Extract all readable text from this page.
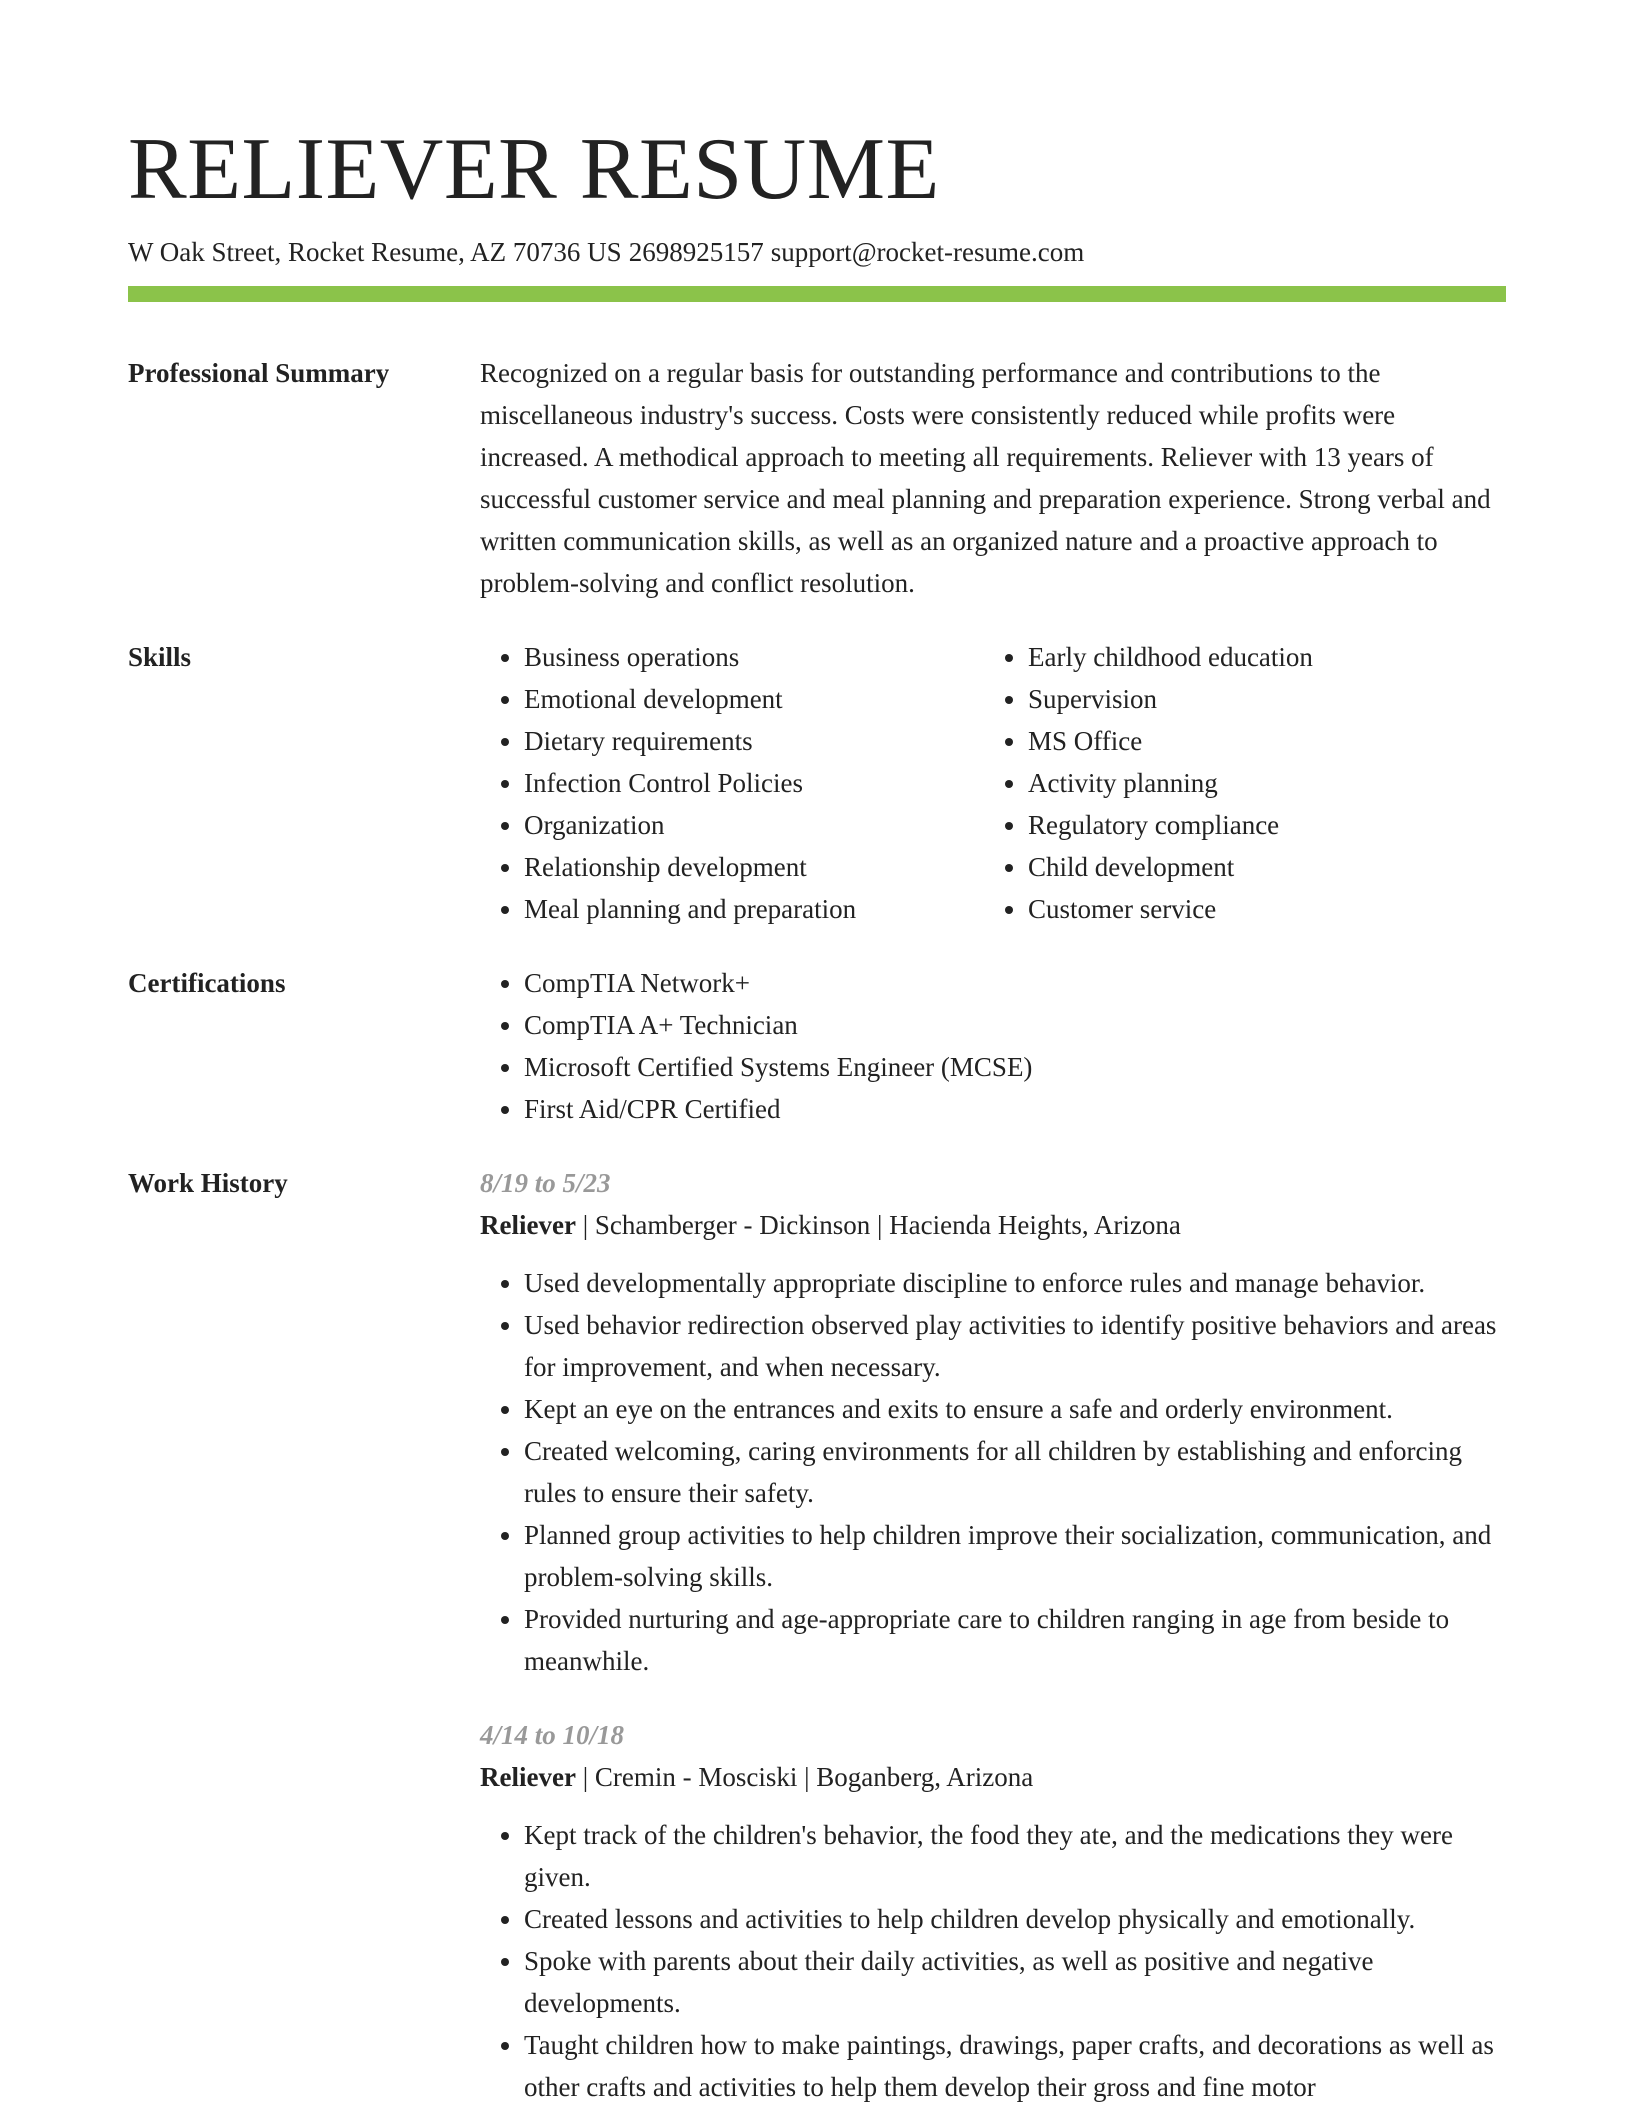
RELIEVER RESUME
W Oak Street, Rocket Resume, AZ 70736 US 2698925157 support@rocket-resume.com
Professional Summary	Recognized on a regular basis for outstanding performance and contributions to the miscellaneous industry's success. Costs were consistently reduced while profits were increased. A methodical approach to meeting all requirements. Reliever with 13 years of successful customer service and meal planning and preparation experience. Strong verbal and written communication skills, as well as an organized nature and a proactive approach to problem-solving and conflict resolution.
Skills	• Business operations
• Emotional development
• Dietary requirements
• Infection Control Policies
• Organization
• Relationship development
• Meal planning and preparation
• Early childhood education
• Supervision
• MS Office
• Activity planning
• Regulatory compliance
• Child development
• Customer service
Certifications	• CompTIA Network+
• CompTIA A+ Technician
• Microsoft Certified Systems Engineer (MCSE)
• First Aid/CPR Certified
Work History	8/19 to 5/23
Reliever | Schamberger - Dickinson | Hacienda Heights, Arizona
• Used developmentally appropriate discipline to enforce rules and manage behavior.
• Used behavior redirection observed play activities to identify positive behaviors and areas for improvement, and when necessary.
• Kept an eye on the entrances and exits to ensure a safe and orderly environment.
• Created welcoming, caring environments for all children by establishing and enforcing rules to ensure their safety.
• Planned group activities to help children improve their socialization, communication, and problem-solving skills.
• Provided nurturing and age-appropriate care to children ranging in age from beside to meanwhile.
4/14 to 10/18
Reliever | Cremin - Mosciski | Boganberg, Arizona
• Kept track of the children's behavior, the food they ate, and the medications they were given.
• Created lessons and activities to help children develop physically and emotionally.
• Spoke with parents about their daily activities, as well as positive and negative developments.
• Taught children how to make paintings, drawings, paper crafts, and decorations as well as other crafts and activities to help them develop their gross and fine motor
